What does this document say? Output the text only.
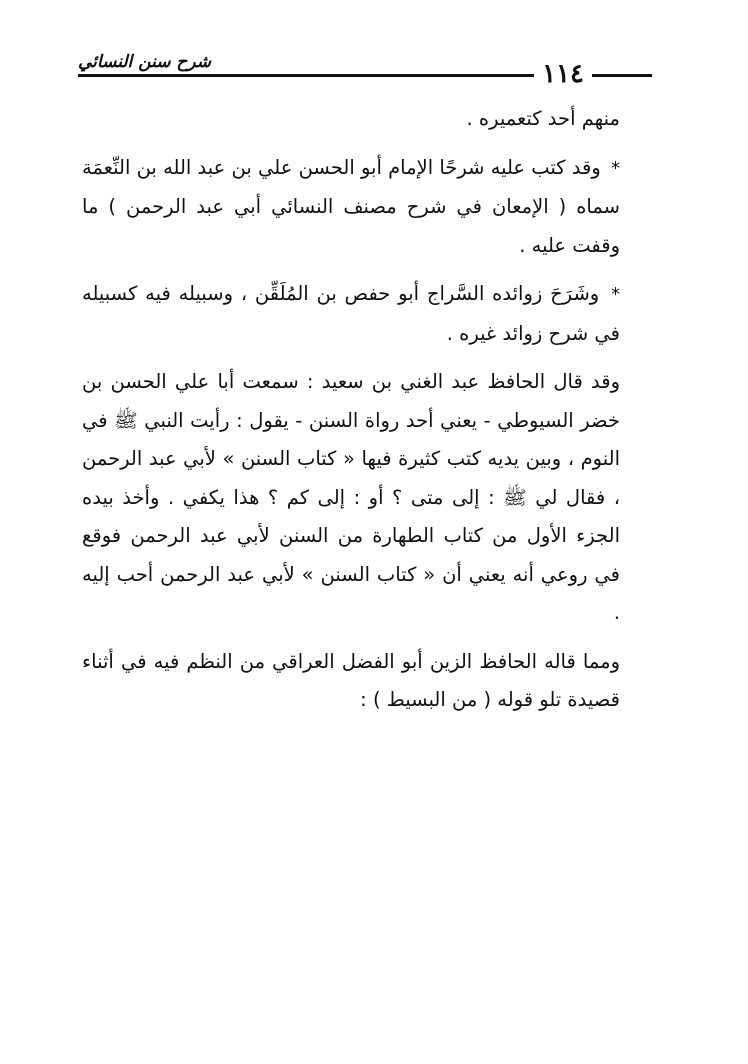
شرح سنن النسائي	١١٤

منهم أحد كتعميره .

* وقد كتب عليه شرحًا الإمام أبو الحسن علي بن عبد الله بن النِّعمَة سماه ( الإمعان في شرح مصنف النسائي أبي عبد الرحمن ) ما وقفت عليه .

* وشَرَحَ زوائده السَّراج أبو حفص بن المُلَقِّن ، وسبيله فيه كسبيله في شرح زوائد غيره .

وقد قال الحافظ عبد الغني بن سعيد : سمعت أبا علي الحسن بن خضر السيوطي - يعني أحد رواة السنن - يقول : رأيت النبي ﷺ في النوم ، وبين يديه كتب كثيرة فيها « كتاب السنن » لأبي عبد الرحمن ، فقال لي ﷺ : إلى متى ؟ أو : إلى كم ؟ هذا يكفي . وأخذ بيده الجزء الأول من كتاب الطهارة من السنن لأبي عبد الرحمن فوقع في روعي أنه يعني أن « كتاب السنن » لأبي عبد الرحمن أحب إليه .

ومما قاله الحافظ الزين أبو الفضل العراقي من النظم فيه في أثناء قصيدة تلو قوله ( من البسيط ) :
